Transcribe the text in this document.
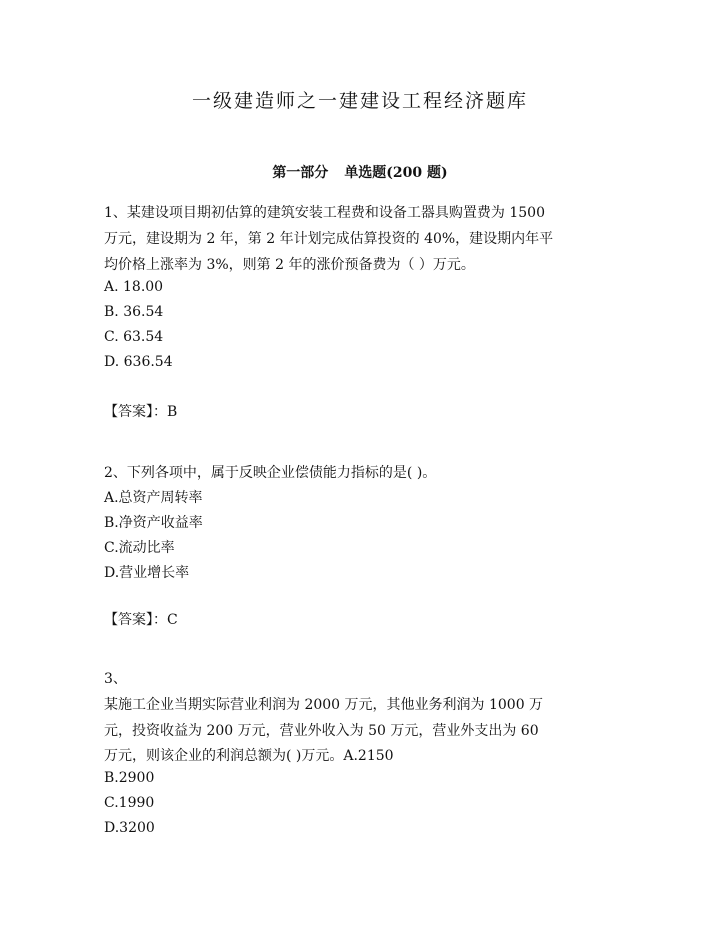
一级建造师之一建建设工程经济题库
第一部分 单选题(200 题)
1、某建设项目期初估算的建筑安装工程费和设备工器具购置费为 1500
万元，建设期为 2 年，第 2 年计划完成估算投资的 40%，建设期内年平
均价格上涨率为 3%，则第 2 年的涨价预备费为（ ）万元。
A. 18.00
B. 36.54
C. 63.54
D. 636.54
【答案】：B
2、下列各项中，属于反映企业偿债能力指标的是( )。
A.总资产周转率
B.净资产收益率
C.流动比率
D.营业增长率
【答案】：C
3、
某施工企业当期实际营业利润为 2000 万元，其他业务利润为 1000 万
元，投资收益为 200 万元，营业外收入为 50 万元，营业外支出为 60
万元，则该企业的利润总额为( )万元。A.2150
B.2900
C.1990
D.3200
